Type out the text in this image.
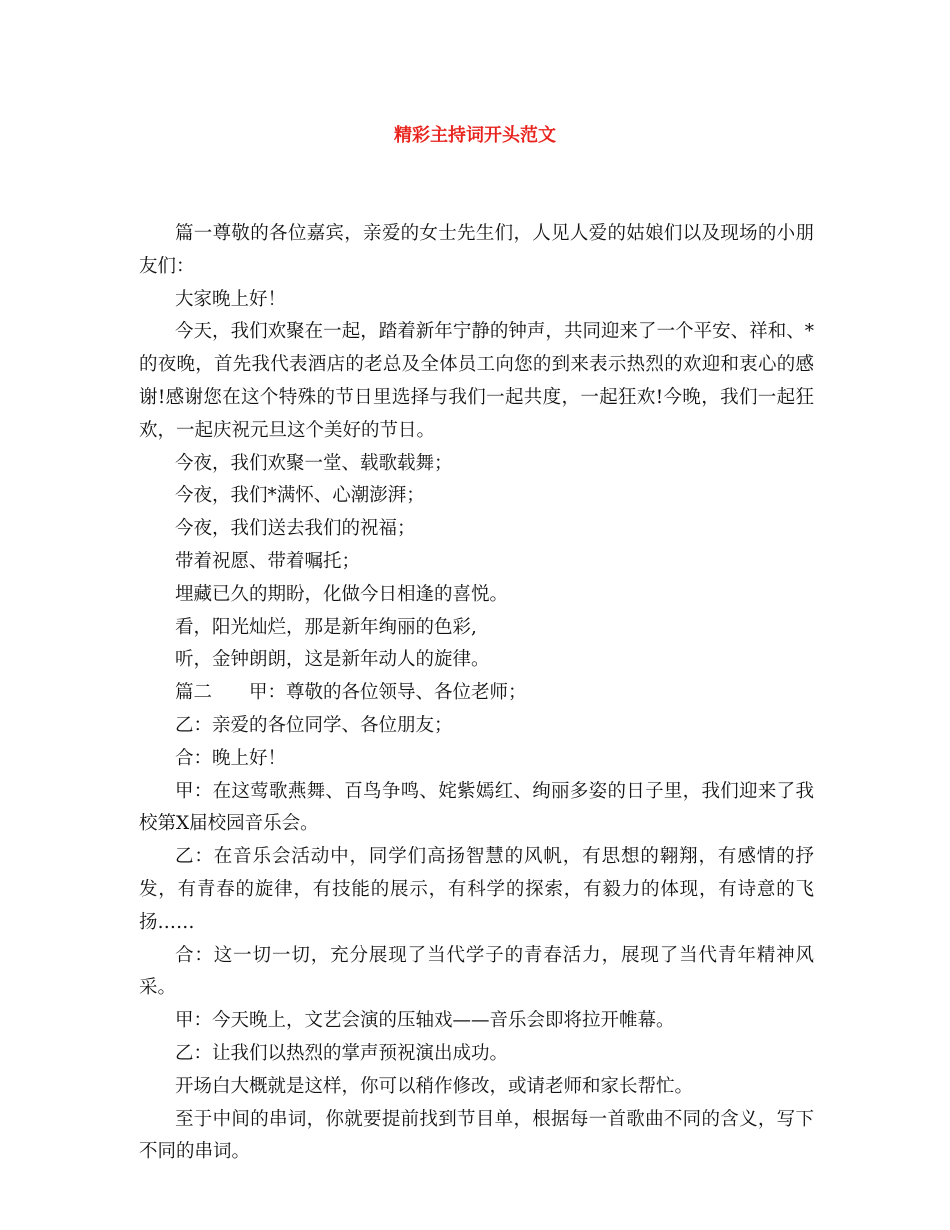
精彩主持词开头范文

篇一尊敬的各位嘉宾，亲爱的女士先生们，人见人爱的姑娘们以及现场的小朋友们：

大家晚上好！

今天，我们欢聚在一起，踏着新年宁静的钟声，共同迎来了一个平安、祥和、*的夜晚，首先我代表酒店的老总及全体员工向您的到来表示热烈的欢迎和衷心的感谢!感谢您在这个特殊的节日里选择与我们一起共度，一起狂欢!今晚，我们一起狂欢，一起庆祝元旦这个美好的节日。

今夜，我们欢聚一堂、载歌载舞；

今夜，我们*满怀、心潮澎湃；

今夜，我们送去我们的祝福；

带着祝愿、带着嘱托；

埋藏已久的期盼，化做今日相逢的喜悦。

看，阳光灿烂，那是新年绚丽的色彩,

听，金钟朗朗，这是新年动人的旋律。

篇二　　甲：尊敬的各位领导、各位老师；

乙：亲爱的各位同学、各位朋友；

合：晚上好！

甲：在这莺歌燕舞、百鸟争鸣、姹紫嫣红、绚丽多姿的日子里，我们迎来了我校第X届校园音乐会。

乙：在音乐会活动中，同学们高扬智慧的风帆，有思想的翱翔，有感情的抒发，有青春的旋律，有技能的展示，有科学的探索，有毅力的体现，有诗意的飞扬……

合：这一切一切，充分展现了当代学子的青春活力，展现了当代青年精神风采。

甲：今天晚上，文艺会演的压轴戏——音乐会即将拉开帷幕。

乙：让我们以热烈的掌声预祝演出成功。

开场白大概就是这样，你可以稍作修改，或请老师和家长帮忙。

至于中间的串词，你就要提前找到节目单，根据每一首歌曲不同的含义，写下不同的串词。
